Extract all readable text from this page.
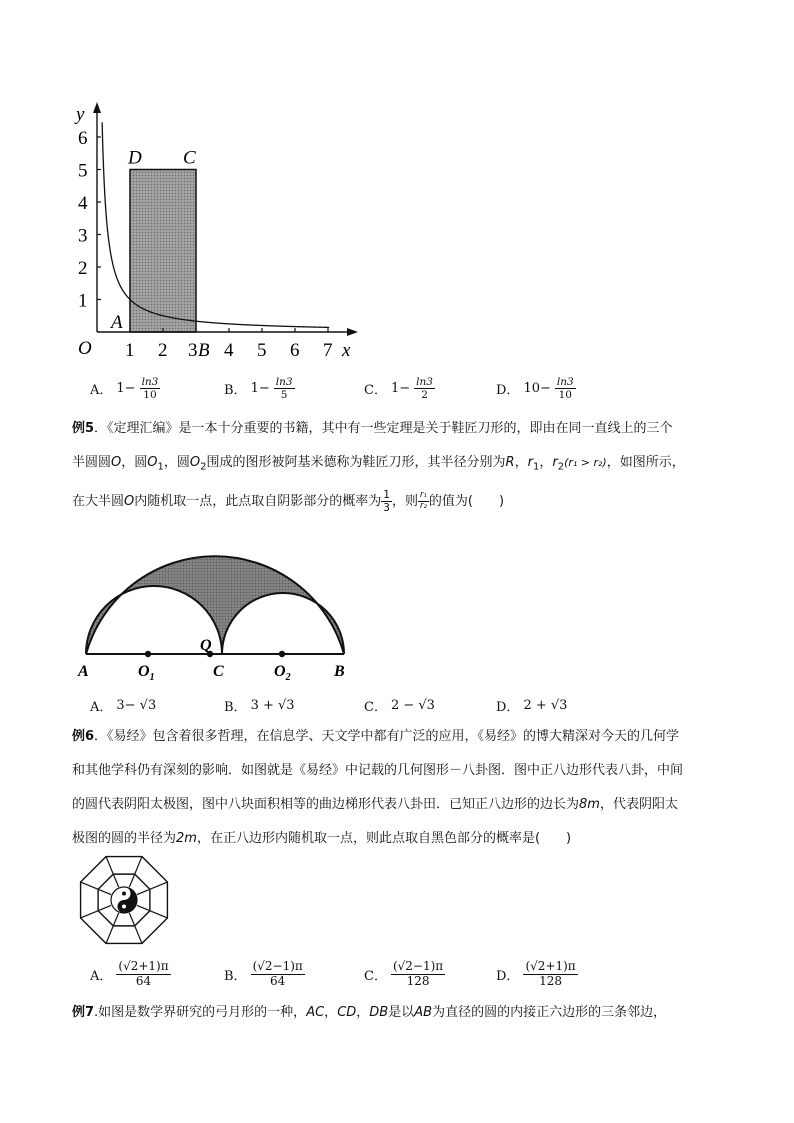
1 2 3 4 5 6 7
1
2
3
4
5
6
y
x
O
A
B
C
D
A． $1- \frac{\ln 3}{10}$	B． $1- \frac{\ln 3}{5}$	C． $1- \frac{\ln 3}{2}$	D． $10- \frac{\ln 3}{10}$
例5．《定理汇编》是一本十分重要的书籍，其中有一些定理是关于鞋匠刀形的，即由在同一直线上的三个
半圆圆O，圆$O_1$，圆$O_2$围成的图形被阿基米德称为鞋匠刀形，其半径分别为R，$r_1$，$r_2(r_1 > r_2)$，如图所示，
在大半圆O内随机取一点，此点取自阴影部分的概率为 $\frac{1}{3}$ ，则 $\frac{\text{r₁}}{\text{r₂}}$ 的值为(　　)
A	$O_1$
Q
C	$O_2$	B
A． 3− √3	B． 3 + √3	C． 2 − √3	D． 2 + √3
例6．《易经》包含着很多哲理，在信息学、天文学中都有广泛的应用，《易经》的博大精深对今天的几何学
和其他学科仍有深刻的影响．如图就是《易经》中记载的几何图形－八卦图．图中正八边形代表八卦，中间
的圆代表阴阳太极图，图中八块面积相等的曲边梯形代表八卦田．已知正八边形的边长为8m，代表阴阳太
极图的圆的半径为2m，在正八边形内随机取一点，则此点取自黑色部分的概率是(　　)
A． $\frac{(√2+1)\pi}{64}$	B． $\frac{(√2-1)\pi}{64}$	C． $\frac{(√2-1)\pi}{128}$	D． $\frac{(√2+1)\pi}{128}$
例7.如图是数学界研究的弓月形的一种，AC，CD，DB是以AB为直径的圆的内接正六边形的三条邻边，
